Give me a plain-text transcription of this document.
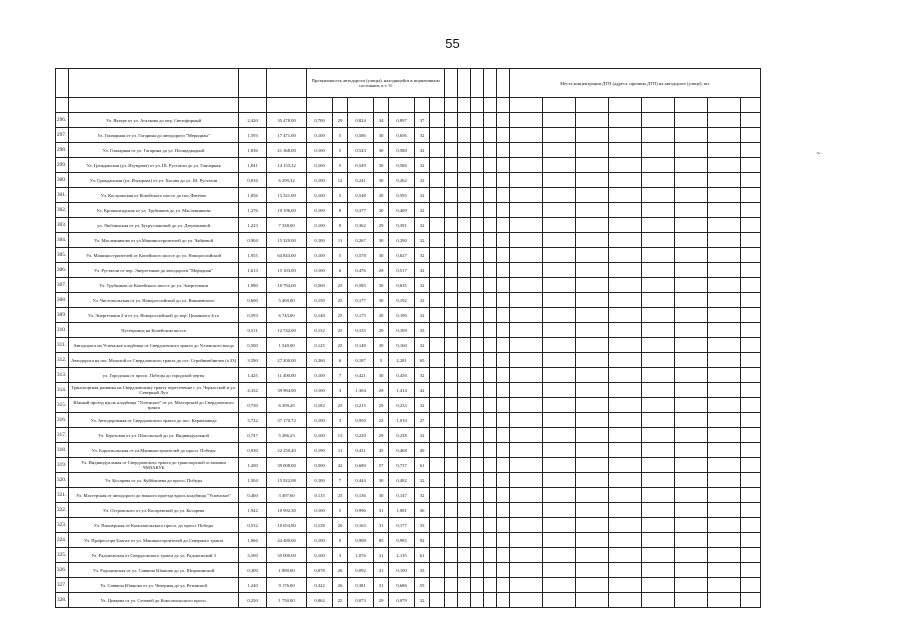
55
~
				Протяженность автодороги (улицы), находящейся в нормативном состоянии, в т. %												Места концентрации ДТП (адреса, причина ДТП) на автодороге (улице), шт.							

296.	Ул. Ватаре от ул. Агалкова до пер. Светофорный	2,420	35 478,00	0,700	29	0,824	34	0,897	37														
297.	Ул. Гончарная от ул. Гагарина до автодороги "Меридиан"	1,593	17 471,00	0,100	5	0,586	30	0,656	32														
298.	Ул. Гончарная от ул. Гагарина до ул. Площадкадной	1,836	21 368,00	0,100	5	0,543	30	0,588	32														
299.	Ул. Гражданская (ул. Изумрова) от ул. Ш. Рустаели до ул. Гончарная	1,841	14 153,32	0,100	5	0,549	30	0,586	32														
300.	Ул. Гражданская (ул. Изумрова) от ул. Хасова до ул. Ш. Рустаели	0,816	6 299,32	0,100	12	0,241	30	0,262	32														
301.	Ул. Кострамская от Копейского шоссе до пос.Фатеево	1,856	13 321,00	0,100	5	0,548	30	0,595	32														
302.	Ул. Кроноштадская от ул. Трубников до ул. Масленникова	1,276	10 196,00	0,100	8	0,377	30	0,409	32														
303.	ул. Люблинская от ул. Бугруслановой до ул. Дзерхиновой	1,223	7 338,00	0,100	8	0,362	29	0,391	32														
304.	Ул. Масленникова от ул.Машиностроителей до ул. Чайковой	0,904	15 329,00	0,100	11	0,267	30	0,290	32														
305.	Ул. Машиностроителей от Копейского шоссе до ул. Новороссийской	1,955	64 843,00	0,100	5	0,578	30	0,627	32														
306.	Ул. Рустаели от пер. Энергетиков до автодороги "Меридиан"	1,613	15 103,00	0,100	6	0,476	29	0,517	32														
307.	Ул. Трубников от Копейского шоссе до ул. Энергетиков	1,980	10 794,00	0,560	25	0,585	30	0,635	32														
308.	Ул. Чистопольская от ул. Новороссийской до ул. Вишневского	0,600	5 400,00	0,150	25	0,177	30	0,192	32														
309.	Ул. Энергетиков 2-я от ул. Новороссийской до пер. Целинного 4-го	0,593	6 743,00	0,148	25	0,175	30	0,190	32														
310.	Путепровод на Копейском шоссе	0,511	12 742,00	0,132	25	0,155	29	0,169	33														
311.	Автодорога на Успенское кладбище от Свердловского тракта до Успенского входа	0,500	1 540,00	0,125	25	0,148	30	0,160	32														
312.	Автодорога на пос Малохой от Свердловского тракта до ост. Стройвывбничек (а 33)	3,590	27 200,00	0,260	6	0,187	5	2,281	65														
313.	ул. Городская от просп. Победы до городской черты	1,425	11 400,00	0,100	7	0,421	30	0,456	32														
314.	Транспортная развязка на Свердловскому тракту пересечение с ул. Черкасской и ул. Северный Луч	4,332	39 984,00	0,100	3	1,304	29	1,414	42														
315.	Южный проезд вдоль кладбища "Успенское" от ул. Мастерской до Свердловского тракта	0,730	6 399,20	0,182	25	0,215	29	0,233	32														
316.	Ул. Автодорожная от Свердловского тракта до пос. Керамзавода	3,732	37 170,72	0,100	3	0,950	25	1,010	27														
317.	Ул. Березовая от ул. Шагольской до ул. Индивидуальной	0,747	5 286,23	0,100	13	0,220	29	0,238	32														
318.	Ул. Бориспольская от ул.Машиностроителей до просп. Победы	0,930	22 250,40	0,190	11	0,431	45	0,468	49														
319.	Ул. Индивидуальная от Свердловского тракта до транспортной остановки ЧМЗАКУБ	1,200	39 008,00	0,500	42	0,680	57	0,737	61														
320.	Ул. Косарева от ул. Куйбышева до просп. Победы	1,504	15 922,08	0,100	7	0,444	30	0,482	32														
321.	Ул. Мастерская от автодороги до южного проезда вдоль кладбища "Успенское"	0,460	3 497,60	0,115	25	0,136	30	0,147	32														
322.	Ул. Островского от ул. Косаревской до ул. Косарева	1,942	10 992,30	0,100	5	0,996	31	1,081	36														
323.	Ул. Пионерская от Комсомольского просп. до просп. Победы	0,532	10 654,80	0,138	26	0,163	31	0,177	33														
324.	Ул. Профессора Благих от ул. Машиностроителей до Северного тракта	1,066	44 480,00	0,100	9	0,908	85	0,985	92														
325.	Ул. Радонежская от Свердловского тракта до ул. Радонежской 3	3,500	35 000,00	0,100	3	1,076	31	2,135	61														
326.	Ул. Радонежская от ул. Саввича Южнова до ул. Широкинской	0,300	1 890,00	0,078	26	0,092	31	0,100	33														
327.	Ул. Саввича Южнова от ул. Чечерная до ул. Резинской	1,240	9 176,00	0,322	26	0,381	31	0,686	55														
328.	Ул. Цивкова от ул. Сечевой до Комсомольского просп.	0,250	1 750,00	0,062	25	0,073	29	0,079	32														
